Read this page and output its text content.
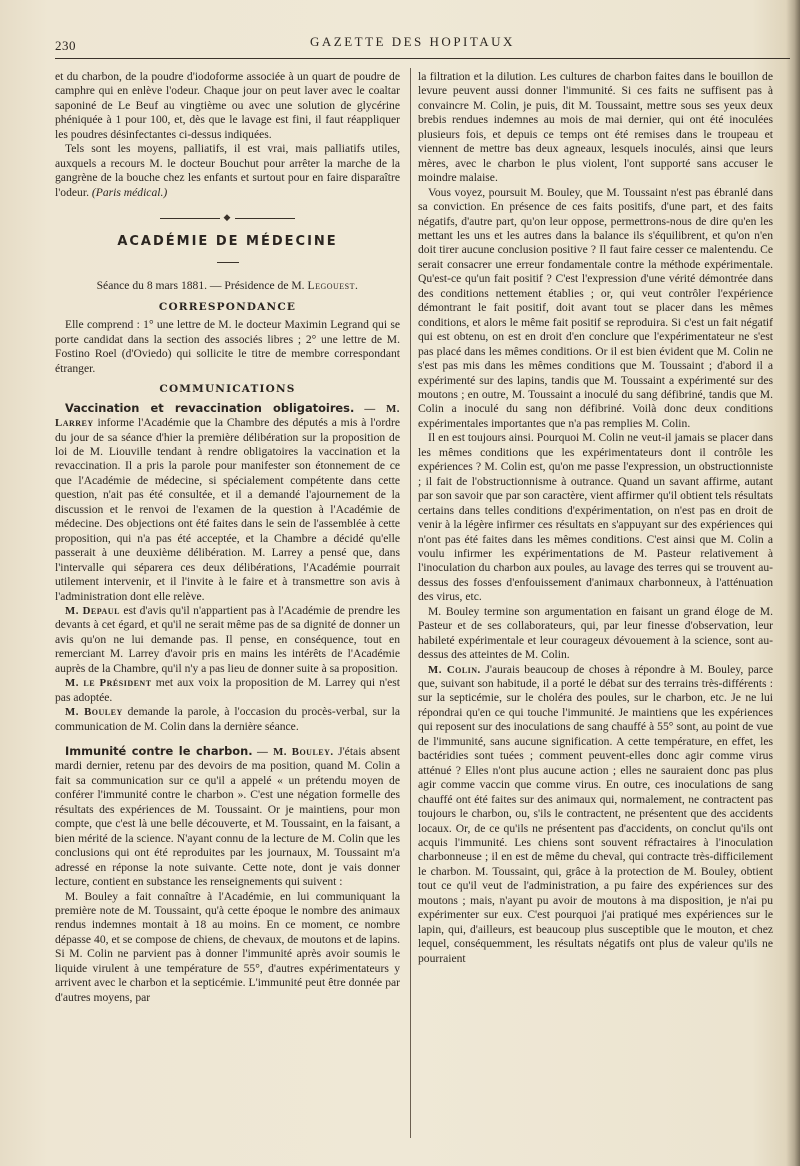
230	GAZETTE DES HOPITAUX

et du charbon, de la poudre d'iodoforme associée à un quart de poudre de camphre qui en enlève l'odeur. Chaque jour on peut laver avec le coaltar saponiné de Le Beuf au vingtième ou avec une solution de glycérine phéniquée à 1 pour 100, et, dès que le lavage est fini, il faut réappliquer les poudres désinfectantes ci-dessus indiquées.

Tels sont les moyens, palliatifs, il est vrai, mais palliatifs utiles, auxquels a recours M. le docteur Bouchut pour arrêter la marche de la gangrène de la bouche chez les enfants et surtout pour en faire disparaître l'odeur. (Paris médical.)

◆
ACADÉMIE DE MÉDECINE

Séance du 8 mars 1881. — Présidence de M. Legouest.

CORRESPONDANCE

Elle comprend : 1° une lettre de M. le docteur Maximin Legrand qui se porte candidat dans la section des associés libres ; 2° une lettre de M. Fostino Roel (d'Oviedo) qui sollicite le titre de membre correspondant étranger.

COMMUNICATIONS

Vaccination et revaccination obligatoires. — M. Larrey informe l'Académie que la Chambre des députés a mis à l'ordre du jour de sa séance d'hier la première délibération sur la proposition de loi de M. Liouville tendant à rendre obligatoires la vaccination et la revaccination. Il a pris la parole pour manifester son étonnement de ce que l'Académie de médecine, si spécialement compétente dans cette question, n'ait pas été consultée, et il a demandé l'ajournement de la discussion et le renvoi de l'examen de la question à l'Académie de médecine. Des objections ont été faites dans le sein de l'assemblée à cette proposition, qui n'a pas été acceptée, et la Chambre a décidé qu'elle passerait à une deuxième délibération. M. Larrey a pensé que, dans l'intervalle qui séparera ces deux délibérations, l'Académie pourrait utilement intervenir, et il l'invite à le faire et à transmettre son avis à l'administration dont elle relève.

M. Depaul est d'avis qu'il n'appartient pas à l'Académie de prendre les devants à cet égard, et qu'il ne serait même pas de sa dignité de donner un avis qu'on ne lui demande pas. Il pense, en conséquence, tout en remerciant M. Larrey d'avoir pris en mains les intérêts de l'Académie auprès de la Chambre, qu'il n'y a pas lieu de donner suite à sa proposition.

M. le Président met aux voix la proposition de M. Larrey qui n'est pas adoptée.

M. Bouley demande la parole, à l'occasion du procès-verbal, sur la communication de M. Colin dans la dernière séance.

Immunité contre le charbon. — M. Bouley. J'étais absent mardi dernier, retenu par des devoirs de ma position, quand M. Colin a fait sa communication sur ce qu'il a appelé « un prétendu moyen de conférer l'immunité contre le charbon ». C'est une négation formelle des résultats des expériences de M. Toussaint. Or je maintiens, pour mon compte, que c'est là une belle découverte, et M. Toussaint, en la faisant, a bien mérité de la science. N'ayant connu de la lecture de M. Colin que les conclusions qui ont été reproduites par les journaux, M. Toussaint m'a adressé en réponse la note suivante. Cette note, dont je vais donner lecture, contient en substance les renseignements qui suivent :

M. Bouley a fait connaître à l'Académie, en lui communiquant la première note de M. Toussaint, qu'à cette époque le nombre des animaux rendus indemnes montait à 18 au moins. En ce moment, ce nombre dépasse 40, et se compose de chiens, de chevaux, de moutons et de lapins. Si M. Colin ne parvient pas à donner l'immunité après avoir soumis le liquide virulent à une température de 55°, d'autres expérimentateurs y arrivent avec le charbon et la septicémie. L'immunité peut être donnée par d'autres moyens, par

la filtration et la dilution. Les cultures de charbon faites dans le bouillon de levure peuvent aussi donner l'immunité. Si ces faits ne suffisent pas à convaincre M. Colin, je puis, dit M. Toussaint, mettre sous ses yeux deux brebis rendues indemnes au mois de mai dernier, qui ont été inoculées plusieurs fois, et depuis ce temps ont été remises dans le troupeau et viennent de mettre bas deux agneaux, lesquels inoculés, ainsi que leurs mères, avec le charbon le plus violent, l'ont supporté sans accuser le moindre malaise.

Vous voyez, poursuit M. Bouley, que M. Toussaint n'est pas ébranlé dans sa conviction. En présence de ces faits positifs, d'une part, et des faits négatifs, d'autre part, qu'on leur oppose, permettrons-nous de dire qu'en les mettant les uns et les autres dans la balance ils s'équilibrent, et qu'on n'en doit tirer aucune conclusion positive ? Il faut faire cesser ce malentendu. Ce serait consacrer une erreur fondamentale contre la méthode expérimentale. Qu'est-ce qu'un fait positif ? C'est l'expression d'une vérité démontrée dans des conditions nettement établies ; or, qui veut contrôler l'expérience démontrant le fait positif, doit avant tout se placer dans les mêmes conditions, et alors le même fait positif se reproduira. Si c'est un fait négatif qui est obtenu, on est en droit d'en conclure que l'expérimentateur ne s'est pas placé dans les mêmes conditions. Or il est bien évident que M. Colin ne s'est pas mis dans les mêmes conditions que M. Toussaint ; d'abord il a expérimenté sur des lapins, tandis que M. Toussaint a expérimenté sur des moutons ; en outre, M. Toussaint a inoculé du sang défibriné, tandis que M. Colin a inoculé du sang non défibriné. Voilà donc deux conditions expérimentales importantes que n'a pas remplies M. Colin.

Il en est toujours ainsi. Pourquoi M. Colin ne veut-il jamais se placer dans les mêmes conditions que les expérimentateurs dont il contrôle les expériences ? M. Colin est, qu'on me passe l'expression, un obstructionniste ; il fait de l'obstructionnisme à outrance. Quand un savant affirme, autant par son savoir que par son caractère, vient affirmer qu'il obtient tels résultats certains dans telles conditions d'expérimentation, on n'est pas en droit de venir à la légère infirmer ces résultats en s'appuyant sur des expériences qui n'ont pas été faites dans les mêmes conditions. C'est ainsi que M. Colin a voulu infirmer les expérimentations de M. Pasteur relativement à l'inoculation du charbon aux poules, au lavage des terres qui se trouvent au-dessus des fosses d'enfouissement d'animaux charbonneux, à l'atténuation des virus, etc.

M. Bouley termine son argumentation en faisant un grand éloge de M. Pasteur et de ses collaborateurs, qui, par leur finesse d'observation, leur habileté expérimentale et leur courageux dévouement à la science, sont au-dessus des atteintes de M. Colin.

M. Colin. J'aurais beaucoup de choses à répondre à M. Bouley, parce que, suivant son habitude, il a porté le débat sur des terrains très-différents : sur la septicémie, sur le choléra des poules, sur le charbon, etc. Je ne lui répondrai qu'en ce qui touche l'immunité. Je maintiens que les expériences qui reposent sur des inoculations de sang chauffé à 55° sont, au point de vue de l'immunité, sans aucune signification. A cette température, en effet, les bactéridies sont tuées ; comment peuvent-elles donc agir comme virus atténué ? Elles n'ont plus aucune action ; elles ne sauraient donc pas plus agir comme vaccin que comme virus. En outre, ces inoculations de sang chauffé ont été faites sur des animaux qui, normalement, ne contractent pas toujours le charbon, ou, s'ils le contractent, ne présentent que des accidents locaux. Or, de ce qu'ils ne présentent pas d'accidents, on conclut qu'ils ont acquis l'immunité. Les chiens sont souvent réfractaires à l'inoculation charbonneuse ; il en est de même du cheval, qui contracte très-difficilement le charbon. M. Toussaint, qui, grâce à la protection de M. Bouley, obtient tout ce qu'il veut de l'administration, a pu faire des expériences sur des moutons ; mais, n'ayant pu avoir de moutons à ma disposition, je n'ai pu expérimenter sur eux. C'est pourquoi j'ai pratiqué mes expériences sur le lapin, qui, d'ailleurs, est beaucoup plus susceptible que le mouton, et chez lequel, conséquemment, les résultats négatifs ont plus de valeur qu'ils ne pourraient
